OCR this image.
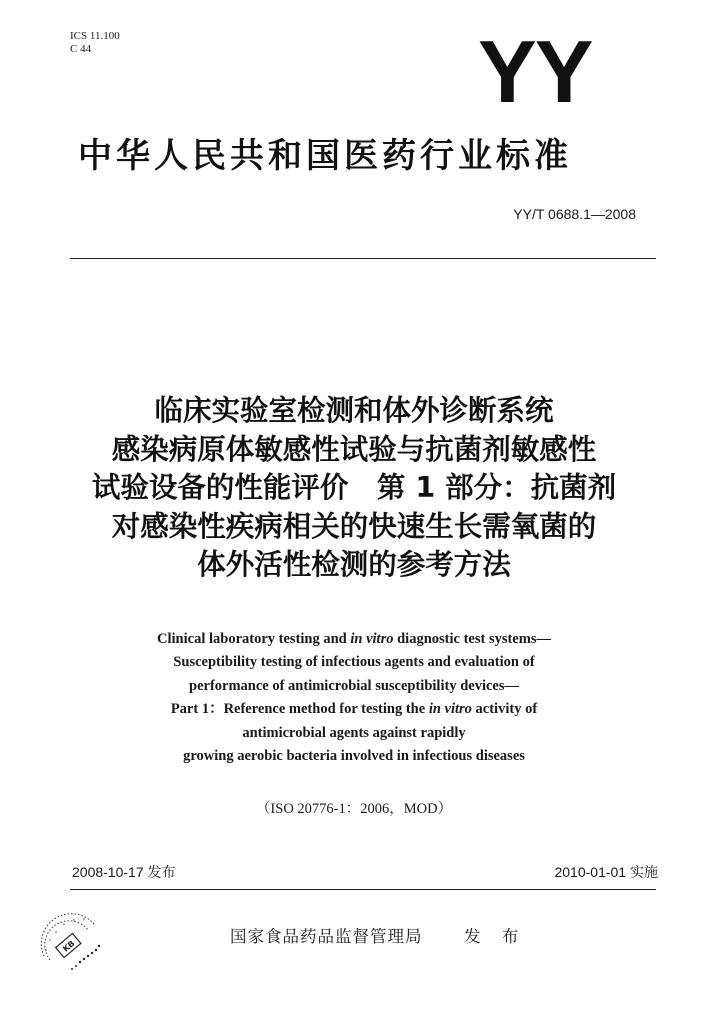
ICS 11.100
C 44	YY
中华人民共和国医药行业标准
YY/T 0688.1—2008
临床实验室检测和体外诊断系统
感染病原体敏感性试验与抗菌剂敏感性
试验设备的性能评价　第 1 部分：抗菌剂
对感染性疾病相关的快速生长需氧菌的
体外活性检测的参考方法
Clinical laboratory testing and in vitro diagnostic test systems—
Susceptibility testing of infectious agents and evaluation of
performance of antimicrobial susceptibility devices—
Part 1：Reference method for testing the in vitro activity of
antimicrobial agents against rapidly
growing aerobic bacteria involved in infectious diseases
（ISO 20776-1：2006，MOD）
2008-10-17 发布	2010-01-01 实施
KB
国家食品药品监督管理局	发 布
